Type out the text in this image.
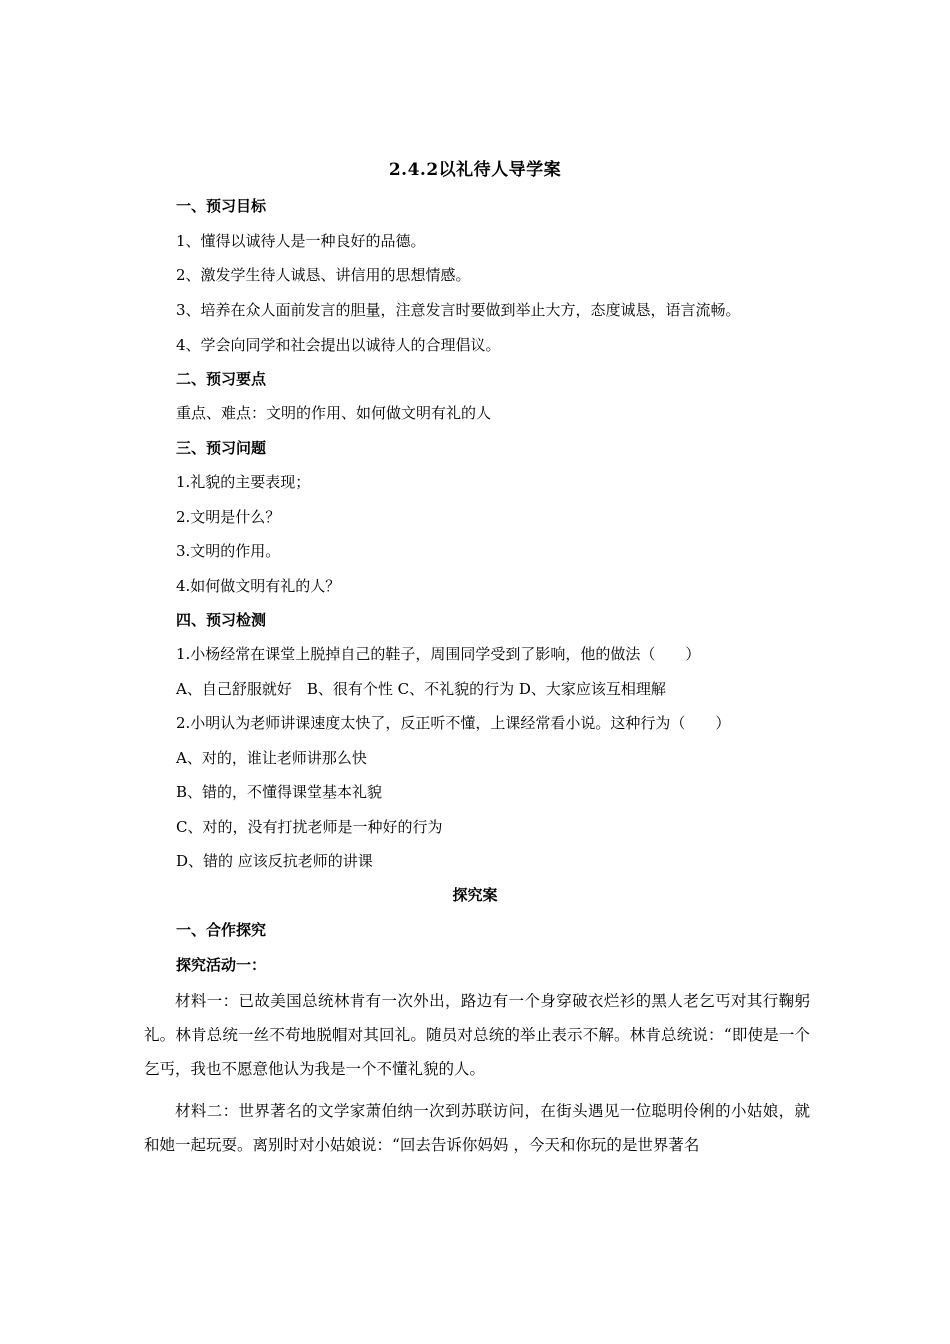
2.4.2以礼待人导学案
一、预习目标
1、懂得以诚待人是一种良好的品德。
2、激发学生待人诚恳、讲信用的思想情感。
3、培养在众人面前发言的胆量，注意发言时要做到举止大方，态度诚恳，语言流畅。
4、学会向同学和社会提出以诚待人的合理倡议。
二、预习要点
重点、难点：文明的作用、如何做文明有礼的人
三、预习问题
1.礼貌的主要表现；
2.文明是什么？
3.文明的作用。
4.如何做文明有礼的人？
四、预习检测
1.小杨经常在课堂上脱掉自己的鞋子，周围同学受到了影响，他的做法（　　）
A、自己舒服就好　B、很有个性 C、不礼貌的行为 D、大家应该互相理解
2.小明认为老师讲课速度太快了，反正听不懂，上课经常看小说。这种行为（　　）
A、对的，谁让老师讲那么快
B、错的，不懂得课堂基本礼貌
C、对的，没有打扰老师是一种好的行为
D、错的 应该反抗老师的讲课
探究案
一、合作探究
探究活动一：
材料一：已故美国总统林肯有一次外出，路边有一个身穿破衣烂衫的黑人老乞丐对其行鞠躬礼。林肯总统一丝不苟地脱帽对其回礼。随员对总统的举止表示不解。林肯总统说：“即使是一个乞丐，我也不愿意他认为我是一个不懂礼貌的人。
材料二：世界著名的文学家萧伯纳一次到苏联访问，在街头遇见一位聪明伶俐的小姑娘，就和她一起玩耍。离别时对小姑娘说：“回去告诉你妈妈 ，今天和你玩的是世界著名
